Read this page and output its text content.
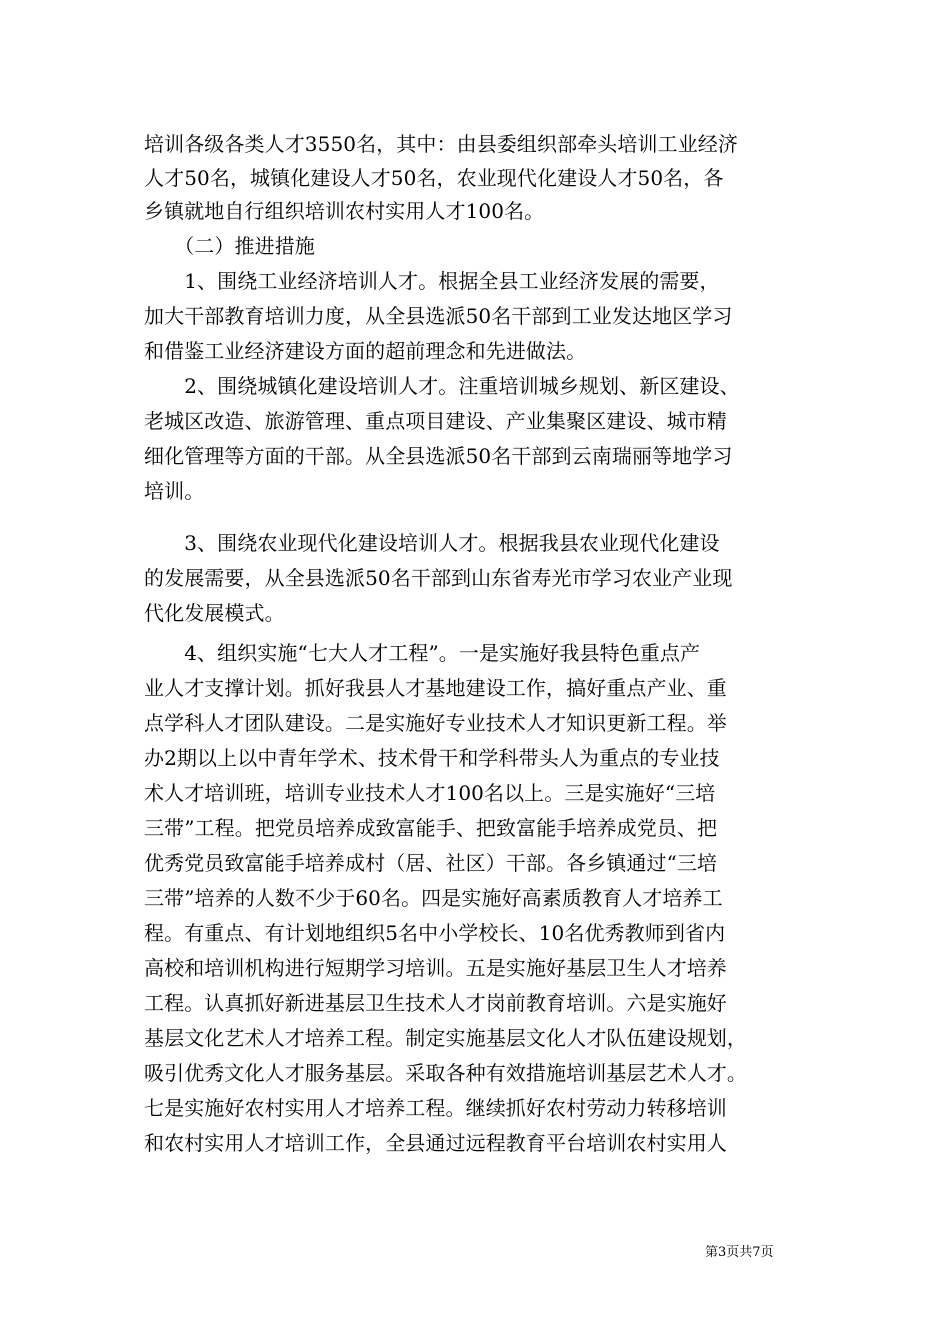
培训各级各类人才3550名，其中：由县委组织部牵头培训工业经济
人才50名，城镇化建设人才50名，农业现代化建设人才50名，各
乡镇就地自行组织培训农村实用人才100名。
　　（二）推进措施
　　1、围绕工业经济培训人才。根据全县工业经济发展的需要，
加大干部教育培训力度，从全县选派50名干部到工业发达地区学习
和借鉴工业经济建设方面的超前理念和先进做法。
　　2、围绕城镇化建设培训人才。注重培训城乡规划、新区建设、
老城区改造、旅游管理、重点项目建设、产业集聚区建设、城市精
细化管理等方面的干部。从全县选派50名干部到云南瑞丽等地学习
培训。
　　3、围绕农业现代化建设培训人才。根据我县农业现代化建设
的发展需要，从全县选派50名干部到山东省寿光市学习农业产业现
代化发展模式。
　　4、组织实施“七大人才工程”。一是实施好我县特色重点产
业人才支撑计划。抓好我县人才基地建设工作，搞好重点产业、重
点学科人才团队建设。二是实施好专业技术人才知识更新工程。举
办2期以上以中青年学术、技术骨干和学科带头人为重点的专业技
术人才培训班，培训专业技术人才100名以上。三是实施好“三培
三带”工程。把党员培养成致富能手、把致富能手培养成党员、把
优秀党员致富能手培养成村（居、社区）干部。各乡镇通过“三培
三带”培养的人数不少于60名。四是实施好高素质教育人才培养工
程。有重点、有计划地组织5名中小学校长、10名优秀教师到省内
高校和培训机构进行短期学习培训。五是实施好基层卫生人才培养
工程。认真抓好新进基层卫生技术人才岗前教育培训。六是实施好
基层文化艺术人才培养工程。制定实施基层文化人才队伍建设规划，
吸引优秀文化人才服务基层。采取各种有效措施培训基层艺术人才。
七是实施好农村实用人才培养工程。继续抓好农村劳动力转移培训
和农村实用人才培训工作，全县通过远程教育平台培训农村实用人
第3页共7页
